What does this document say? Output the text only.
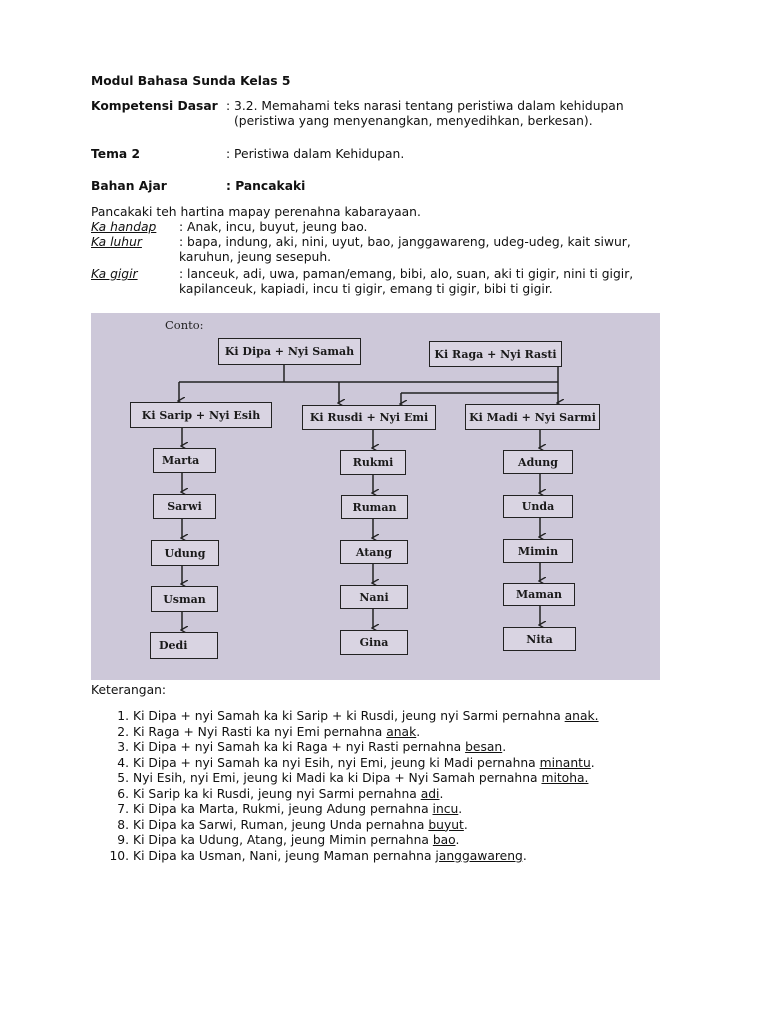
Modul Bahasa Sunda Kelas 5
Kompetensi Dasar : 3.2. Memahami teks narasi tentang peristiwa dalam kehidupan
(peristiwa yang menyenangkan, menyedihkan, berkesan).
Tema 2	: Peristiwa dalam Kehidupan.
Bahan Ajar	: Pancakaki
Pancakaki teh hartina mapay perenahna kabarayaan.
Ka handap : Anak, incu, buyut, jeung bao.
Ka luhur	: bapa, indung, aki, nini, uyut, bao, janggawareng, udeg-udeg, kait siwur,
karuhun, jeung sesepuh.
Ka gigir	: lanceuk, adi, uwa, paman/emang, bibi, alo, suan, aki ti gigir, nini ti gigir,
kapilanceuk, kapiadi, incu ti gigir, emang ti gigir, bibi ti gigir.
Conto:
Ki Dipa + Nyi Samah	Ki Raga + Nyi Rasti
Ki Sarip + Nyi Esih	Ki Rusdi + Nyi Emi	Ki Madi + Nyi Sarmi
Marta
Sarwi
Udung
Usman
Dedi
Rukmi
Ruman
Atang
Nani
Gina
Adung
Unda
Mimin
Maman
Nita
Keterangan:
1. Ki Dipa + nyi Samah ka ki Sarip + ki Rusdi, jeung nyi Sarmi pernahna anak.
2. Ki Raga + Nyi Rasti ka nyi Emi pernahna anak.
3. Ki Dipa + nyi Samah ka ki Raga + nyi Rasti pernahna besan.
4. Ki Dipa + nyi Samah ka nyi Esih, nyi Emi, jeung ki Madi pernahna minantu.
5. Nyi Esih, nyi Emi, jeung ki Madi ka ki Dipa + Nyi Samah pernahna mitoha.
6. Ki Sarip ka ki Rusdi, jeung nyi Sarmi pernahna adi.
7. Ki Dipa ka Marta, Rukmi, jeung Adung pernahna incu.
8. Ki Dipa ka Sarwi, Ruman, jeung Unda pernahna buyut.
9. Ki Dipa ka Udung, Atang, jeung Mimin pernahna bao.
10. Ki Dipa ka Usman, Nani, jeung Maman pernahna janggawareng.
